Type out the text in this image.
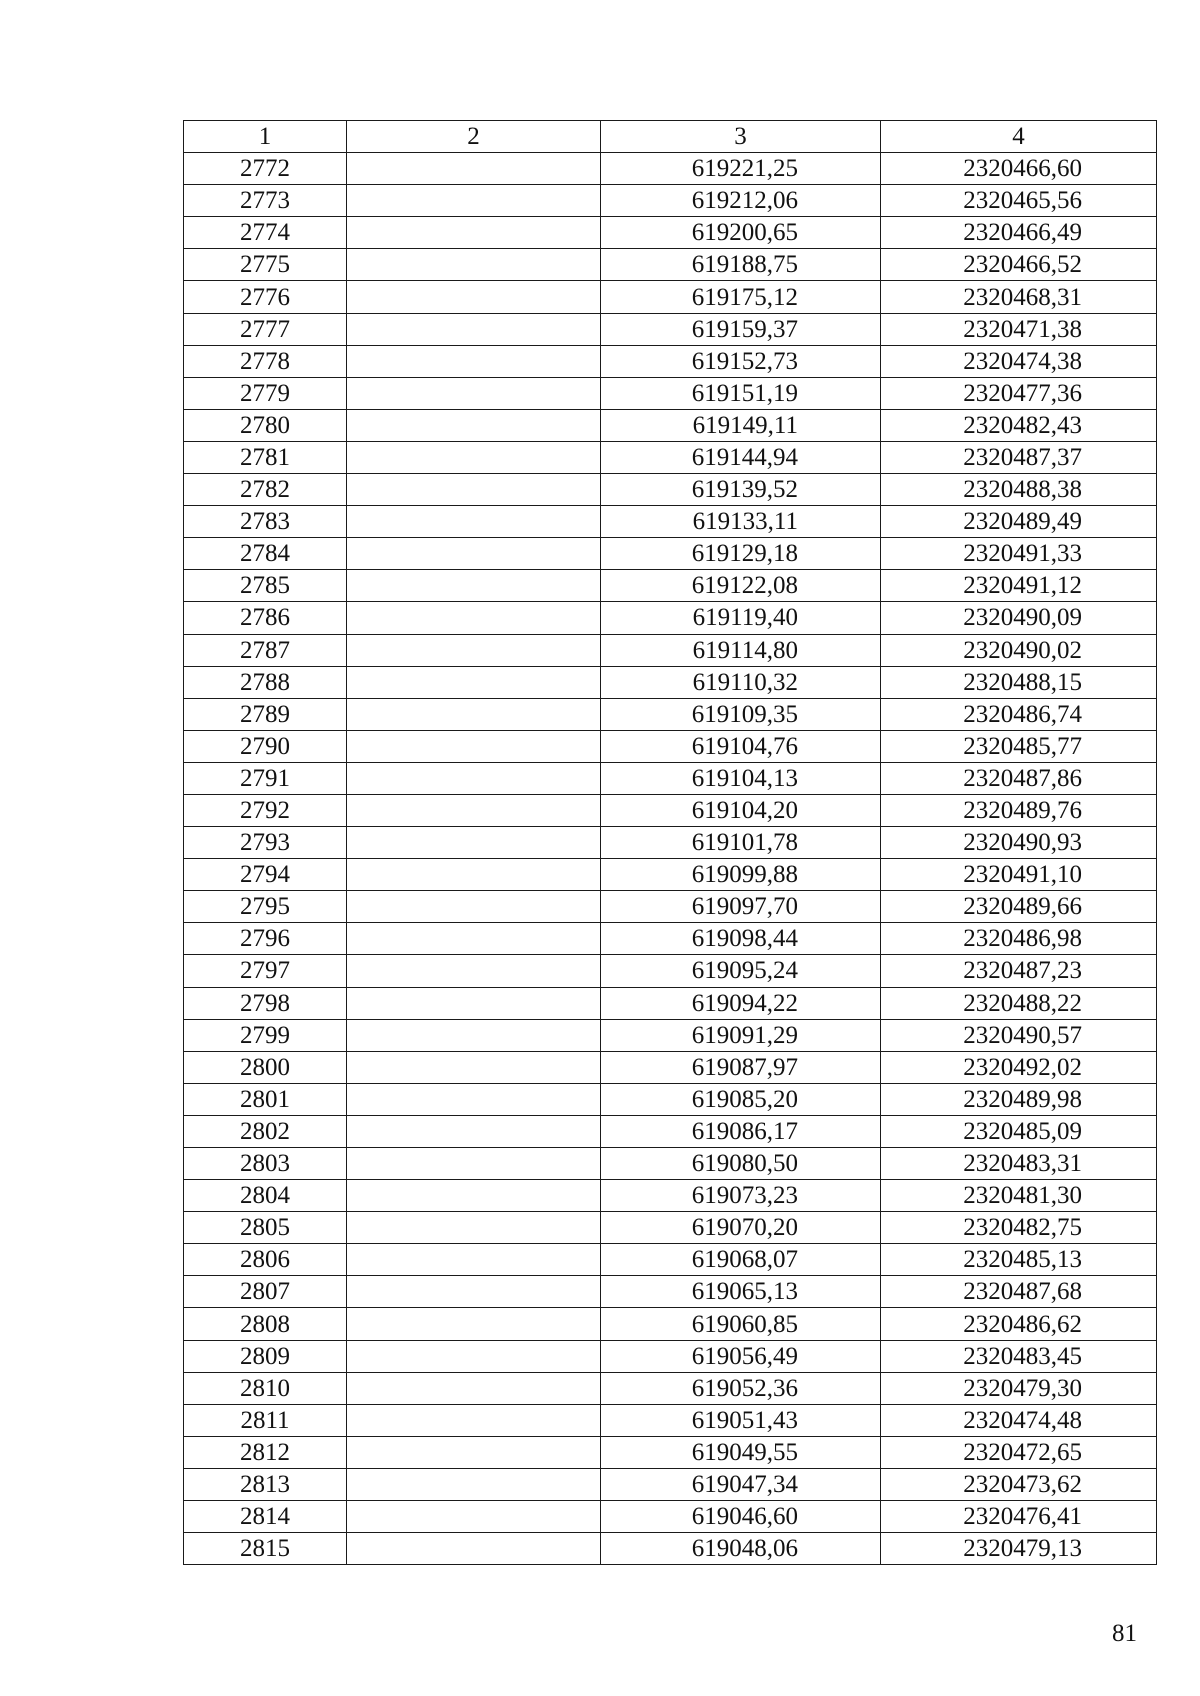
1	2	3	4
2772		619221,25	2320466,60
2773		619212,06	2320465,56
2774		619200,65	2320466,49
2775		619188,75	2320466,52
2776		619175,12	2320468,31
2777		619159,37	2320471,38
2778		619152,73	2320474,38
2779		619151,19	2320477,36
2780		619149,11	2320482,43
2781		619144,94	2320487,37
2782		619139,52	2320488,38
2783		619133,11	2320489,49
2784		619129,18	2320491,33
2785		619122,08	2320491,12
2786		619119,40	2320490,09
2787		619114,80	2320490,02
2788		619110,32	2320488,15
2789		619109,35	2320486,74
2790		619104,76	2320485,77
2791		619104,13	2320487,86
2792		619104,20	2320489,76
2793		619101,78	2320490,93
2794		619099,88	2320491,10
2795		619097,70	2320489,66
2796		619098,44	2320486,98
2797		619095,24	2320487,23
2798		619094,22	2320488,22
2799		619091,29	2320490,57
2800		619087,97	2320492,02
2801		619085,20	2320489,98
2802		619086,17	2320485,09
2803		619080,50	2320483,31
2804		619073,23	2320481,30
2805		619070,20	2320482,75
2806		619068,07	2320485,13
2807		619065,13	2320487,68
2808		619060,85	2320486,62
2809		619056,49	2320483,45
2810		619052,36	2320479,30
2811		619051,43	2320474,48
2812		619049,55	2320472,65
2813		619047,34	2320473,62
2814		619046,60	2320476,41
2815		619048,06	2320479,13
81
